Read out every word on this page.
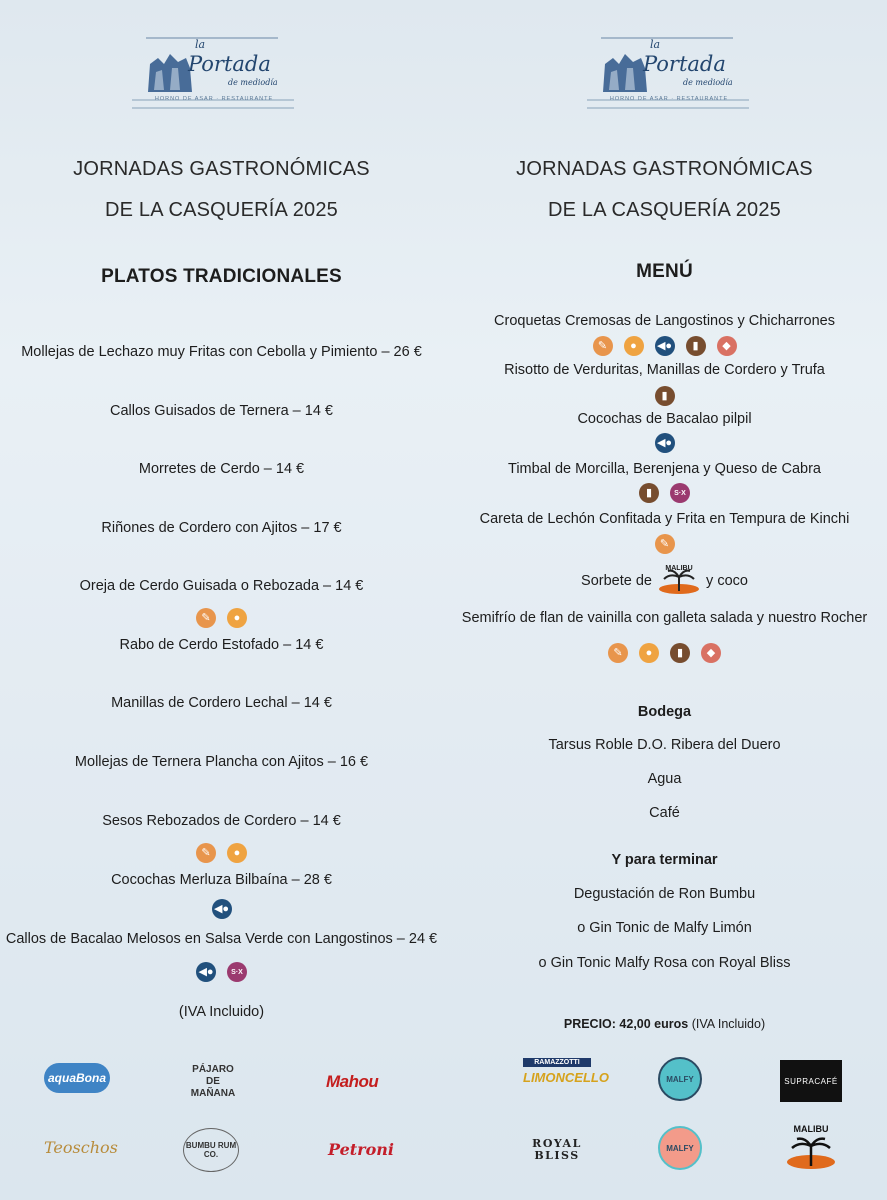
la
Portada
de mediodía
HORNO DE ASAR · RESTAURANTE
JORNADAS GASTRONÓMICAS
DE LA CASQUERÍA 2025
PLATOS TRADICIONALES
Mollejas de Lechazo muy Fritas con Cebolla y Pimiento – 26 €
Callos Guisados de Ternera – 14 €
Morretes de Cerdo – 14 €
Riñones de Cordero con Ajitos – 17 €
Oreja de Cerdo Guisada o Rebozada – 14 €
✎	●
Rabo de Cerdo Estofado – 14 €
Manillas de Cordero Lechal – 14 €
Mollejas de Ternera Plancha con Ajitos – 16 €
Sesos Rebozados de Cordero – 14 €
✎	●
Cocochas Merluza Bilbaína – 28 €
◀●
Callos de Bacalao Melosos en Salsa Verde con Langostinos – 24 €
◀●	S·X
(IVA Incluido)
aquaBona
PÁJARO DE MAÑANA
Mahou
Teoschos	BUMBU RUM CO.	Petroni
la
Portada
de mediodía
HORNO DE ASAR · RESTAURANTE
JORNADAS GASTRONÓMICAS
DE LA CASQUERÍA 2025
MENÚ
Croquetas Cremosas de Langostinos y Chicharrones
✎	●	◀●	▮	◆
Risotto de Verduritas, Manillas de Cordero y Trufa
▮
Cocochas de Bacalao pilpil
◀●
Timbal de Morcilla, Berenjena y Queso de Cabra
▮	S·X
Careta de Lechón Confitada y Frita en Tempura de Kinchi
✎
Sorbete de
MALIBU
y coco
Semifrío de flan de vainilla con galleta salada y nuestro Rocher
✎	●	▮	◆
Bodega
Tarsus Roble D.O. Ribera del Duero
Agua
Café
Y para terminar
Degustación de Ron Bumbu
o Gin Tonic de Malfy Limón
o Gin Tonic Malfy Rosa con Royal Bliss
PRECIO: 42,00 euros (IVA Incluido)
RAMAZZOTTI
LIMONCELLO	MALFY	SUPRACAFÉ
ROYAL BLISS
MALFY
MALIBU
